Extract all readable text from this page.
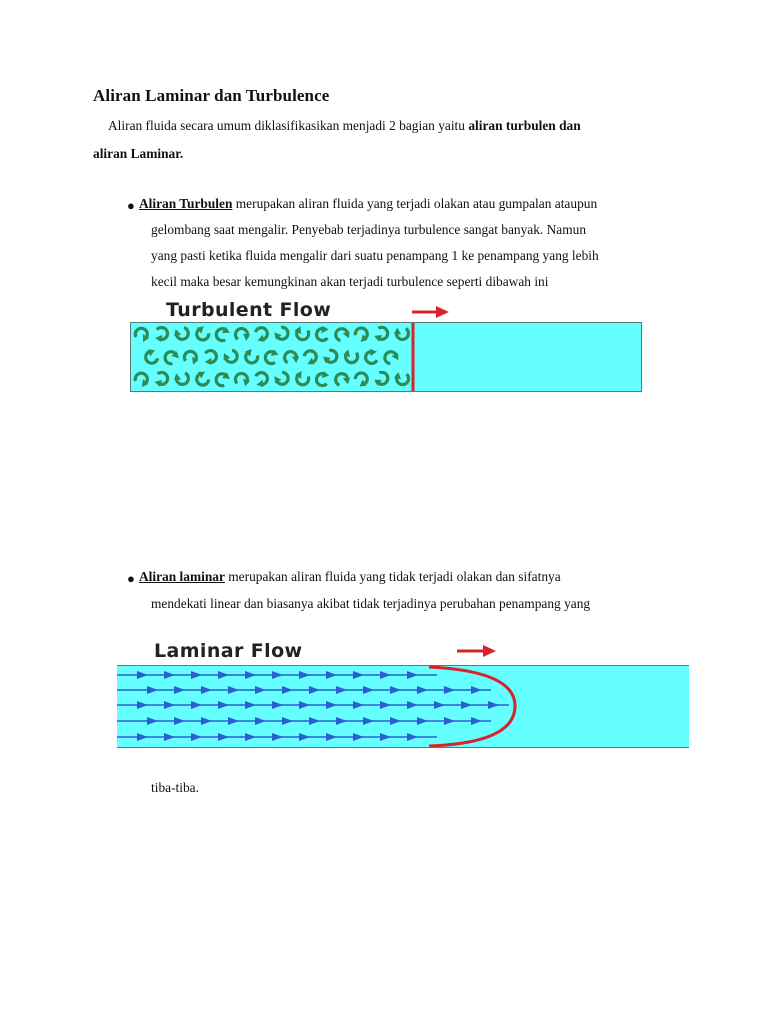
Aliran Laminar dan Turbulence
Aliran fluida secara umum diklasifikasikan menjadi 2 bagian yaitu aliran turbulen dan
aliran Laminar.
● Aliran Turbulen merupakan aliran fluida yang terjadi olakan atau gumpalan ataupun
gelombang saat mengalir. Penyebab terjadinya turbulence sangat banyak. Namun
yang pasti ketika fluida mengalir dari suatu penampang 1 ke penampang yang lebih
kecil maka besar kemungkinan akan terjadi turbulence seperti dibawah ini
Turbulent Flow
● Aliran laminar merupakan aliran fluida yang tidak terjadi olakan dan sifatnya
mendekati linear dan biasanya akibat tidak terjadinya perubahan penampang yang
Laminar Flow
tiba-tiba.
